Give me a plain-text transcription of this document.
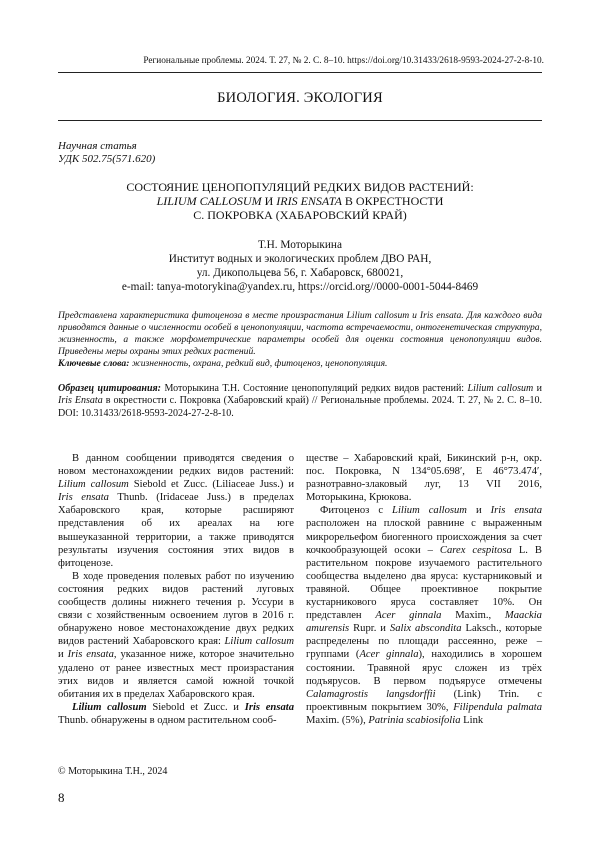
Региональные проблемы. 2024. Т. 27, № 2. С. 8–10. https://doi.org/10.31433/2618-9593-2024-27-2-8-10.
БИОЛОГИЯ. ЭКОЛОГИЯ
Научная статья
УДК 502.75(571.620)
СОСТОЯНИЕ ЦЕНОПОПУЛЯЦИЙ РЕДКИХ ВИДОВ РАСТЕНИЙ:
LILIUM CALLOSUM И IRIS ENSATA В ОКРЕСТНОСТИ
С. ПОКРОВКА (ХАБАРОВСКИЙ КРАЙ)
Т.Н. Моторыкина
Институт водных и экологических проблем ДВО РАН,
ул. Дикопольцева 56, г. Хабаровск, 680021,
e-mail: tanya-motorykina@yandex.ru, https://orcid.org//0000-0001-5044-8469
Представлена характеристика фитоценоза в месте произрастания Lilium callosum и Iris ensata. Для каждого вида приводятся данные о численности особей в ценопопуляции, частота встречаемости, онтогенетическая структура, жизненность, а также морфометрические параметры особей для оценки состояния ценопопуляции видов. Приведены меры охраны этих редких растений.
Ключевые слова: жизненность, охрана, редкий вид, фитоценоз, ценопопуляция.
Образец цитирования: Моторыкина Т.Н. Состояние ценопопуляций редких видов растений: Lilium callosum и Iris Ensata в окрестности с. Покровка (Хабаровский край) // Региональные проблемы. 2024. Т. 27, № 2. С. 8–10. DOI: 10.31433/2618-9593-2024-27-2-8-10.

В данном сообщении приводятся сведения о новом местонахождении редких видов растений: Lilium callosum Siebold et Zucc. (Liliaceae Juss.) и Iris ensata Thunb. (Iridaceae Juss.) в пределах Хабаровского края, которые расширяют представления об их ареалах на юге вышеуказанной территории, а также приводятся результаты изучения состояния этих видов в фитоценозе.

В ходе проведения полевых работ по изучению состояния редких видов растений луговых сообществ долины нижнего течения р. Уссури в связи с хозяйственным освоением лугов в 2016 г. обнаружено новое местонахождение двух редких видов растений Хабаровского края: Lilium callosum и Iris ensata, указанное ниже, которое значительно удалено от ранее известных мест произрастания этих видов и является самой южной точкой обитания их в пределах Хабаровского края.

Lilium callosum Siebold et Zucc. и Iris ensata Thunb. обнаружены в одном растительном сооб-

ществе – Хабаровский край, Бикинский р-н, окр. пос. Покровка, N 134°05.698′, E 46°73.474′, разнотравно-злаковый луг, 13 VII 2016, Моторыкина, Крюкова.

Фитоценоз с Lilium callosum и Iris ensata расположен на плоской равнине с выраженным микрорельефом биогенного происхождения за счет кочкообразующей осоки – Carex cespitosa L. В растительном покрове изучаемого растительного сообщества выделено два яруса: кустарниковый и травяной. Общее проективное покрытие кустарникового яруса составляет 10%. Он представлен Acer ginnala Maxim., Maackia amurensis Rupr. и Salix abscondita Laksch., которые распределены по площади рассеянно, реже – группами (Acer ginnala), находились в хорошем состоянии. Травяной ярус сложен из трёх подъярусов. В первом подъярусе отмечены Calamagrostis langsdorffii (Link) Trin. с проективным покрытием 30%, Filipendula palmata Maxim. (5%), Patrinia scabiosifolia Link

© Моторыкина Т.Н., 2024
8
